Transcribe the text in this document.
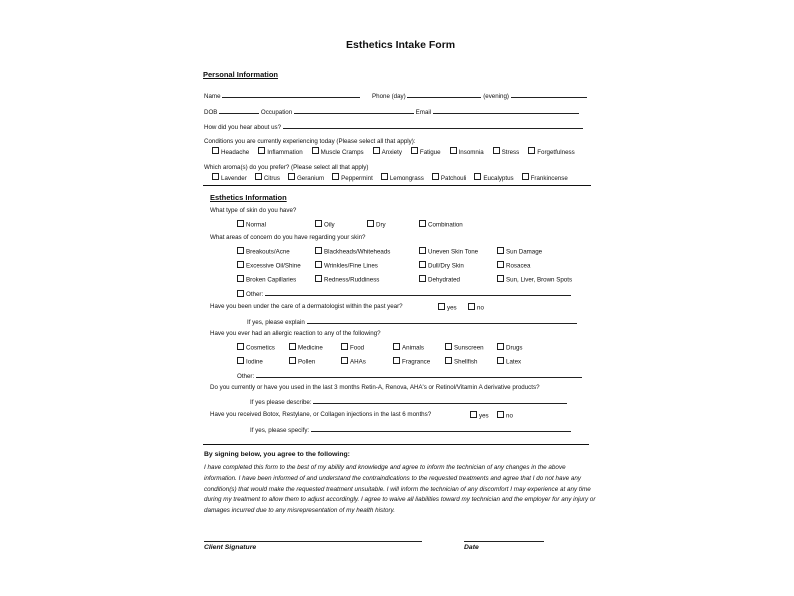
Esthetics Intake Form
Personal Information
Name	Phone (day)	(evening)
DOB	Occupation	Email
How did you hear about us?
Conditions you are currently experiencing today (Please select all that apply):
Headache	Inflammation	Muscle Cramps	Anxiety	Fatigue	Insomnia	Stress	Forgetfulness
Which aroma(s) do you prefer? (Please select all that apply)
Lavender	Citrus	Geranium	Peppermint	Lemongrass	Patchouli	Eucalyptus	Frankincense
Esthetics Information
What type of skin do you have?
Normal	Oily	Dry	Combination
What areas of concern do you have regarding your skin?
Breakouts/Acne	Blackheads/Whiteheads	Uneven Skin Tone	Sun Damage
Excessive Oil/Shine	Wrinkles/Fine Lines	Dull/Dry Skin	Rosacea
Broken Capillaries	Redness/Ruddiness	Dehydrated	Sun, Liver, Brown Spots
Other:
Have you been under the care of a dermatologist within the past year?	yes	no
If yes, please explain
Have you ever had an allergic reaction to any of the following?
Cosmetics	Medicine	Food	Animals	Sunscreen	Drugs
Iodine	Pollen	AHAs	Fragrance	Shellfish	Latex
Other:
Do you currently or have you used in the last 3 months Retin-A, Renova, AHA's or Retinol/Vitamin A derivative products?
If yes please describe:
Have you received Botox, Restylane, or Collagen injections in the last 6 months?	yes	no
If yes, please specify:
By signing below, you agree to the following:
I have completed this form to the best of my ability and knowledge and agree to inform the technician of any changes in the above information. I have been informed of and understand the contraindications to the requested treatments and agree that I do not have any condition(s) that would make the requested treatment unsuitable. I will inform the technician of any discomfort I may experience at any time during my treatment to allow them to adjust accordingly. I agree to waive all liabilities toward my technician and the employer for any injury or damages incurred due to any misrepresentation of my health history.
Client Signature	Date
